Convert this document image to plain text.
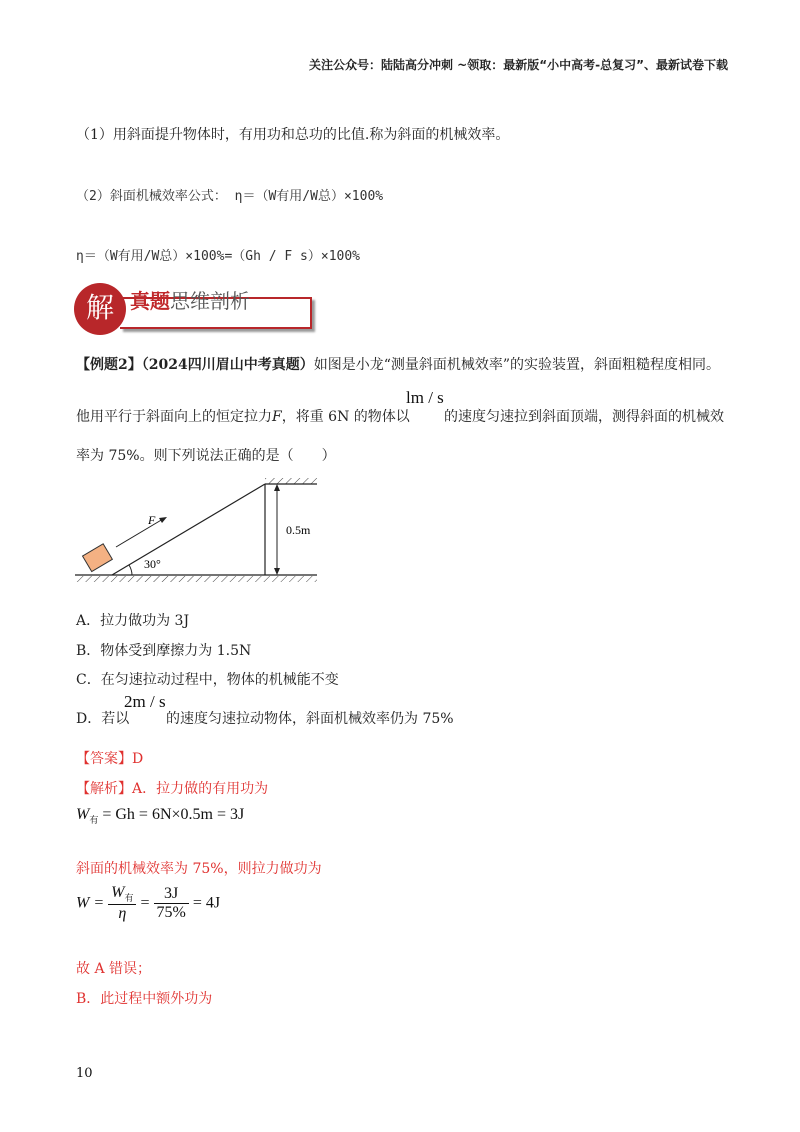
关注公众号：陆陆高分冲刺 ~领取：最新版“小中高考-总复习”、最新试卷下载
（1）用斜面提升物体时，有用功和总功的比值.称为斜面的机械效率。
（2）斜面机械效率公式： η＝（W有用/W总）×100%
η＝（W有用/W总）×100%=（Gh / F s）×100%
解 真题思维剖析
【例题2】（2024四川眉山中考真题）如图是小龙“测量斜面机械效率”的实验装置，斜面粗糙程度相同。
他用平行于斜面向上的恒定拉力F，将重 6N 的物体以
lm / s
的速度匀速拉到斜面顶端，测得斜面的机械效
率为 75%。则下列说法正确的是（　　）
0.5m
F
30°
A．拉力做功为 3J
B．物体受到摩擦力为 1.5N
C．在匀速拉动过程中，物体的机械能不变
D．若以
2m / s
的速度匀速拉动物体，斜面机械效率仍为 75%
【答案】D
【解析】A．拉力做的有用功为
$W_有 = Gh = 6N\times 0.5m = 3J$
斜面的机械效率为 75%，则拉力做功为
$W = \frac{W_有}{\eta} = \frac{3J}{75\%} = 4J$
故 A 错误；
B．此过程中额外功为
10
